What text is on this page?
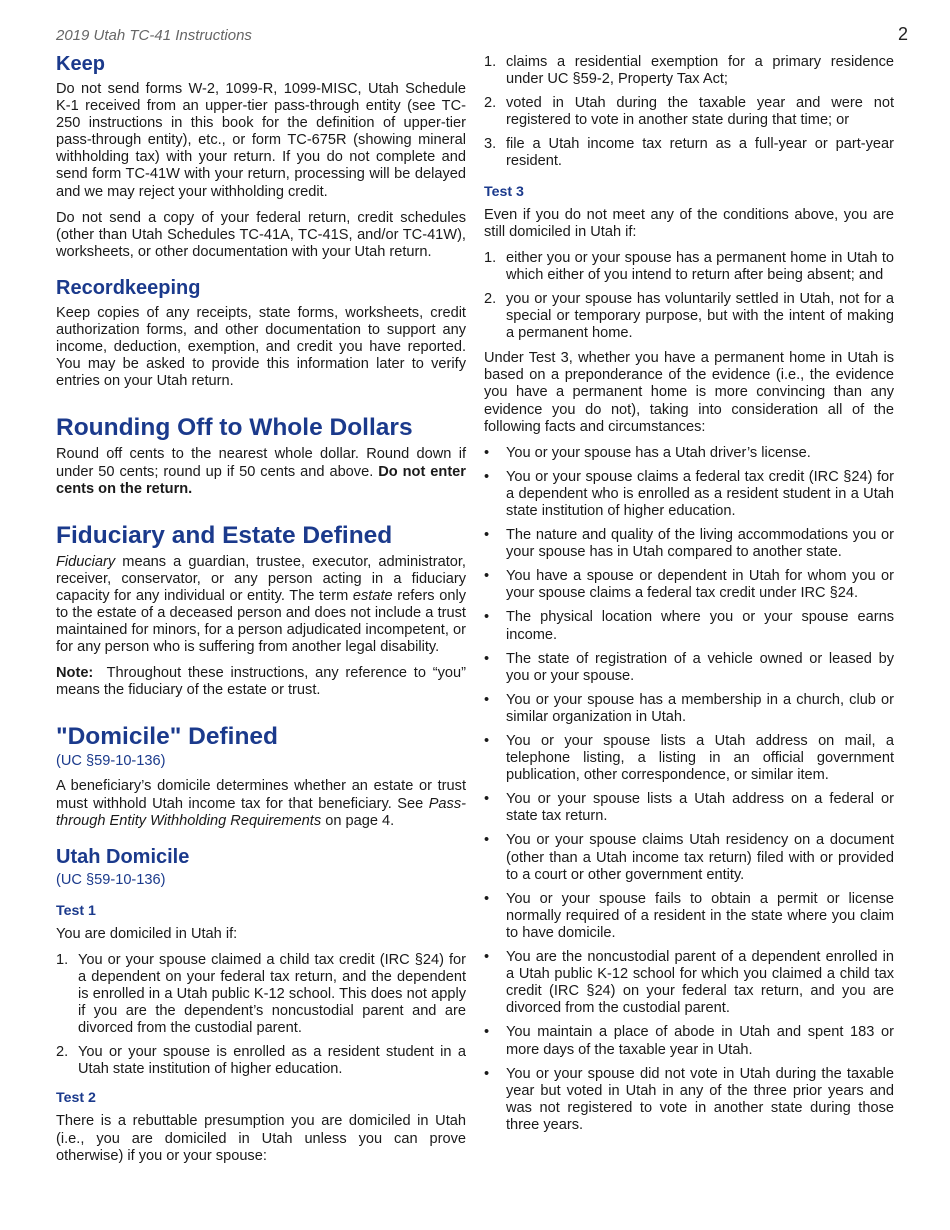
2019 Utah TC-41 Instructions	2
Keep

Do not send forms W-2, 1099-R, 1099-MISC, Utah Schedule K-1 received from an upper-tier pass-through entity (see TC-250 instructions in this book for the definition of upper-tier pass-through entity), etc., or form TC-675R (showing mineral withholding tax) with your return. If you do not complete and send form TC-41W with your return, processing will be delayed and we may reject your withholding credit.

Do not send a copy of your federal return, credit schedules (other than Utah Schedules TC-41A, TC-41S, and/or TC-41W), worksheets, or other documentation with your Utah return.

Recordkeeping

Keep copies of any receipts, state forms, worksheets, credit authorization forms, and other documentation to support any income, deduction, exemption, and credit you have reported. You may be asked to provide this information later to verify entries on your Utah return.

Rounding Off to Whole Dollars

Round off cents to the nearest whole dollar. Round down if under 50 cents; round up if 50 cents and above. Do not enter cents on the return.

Fiduciary and Estate Defined

Fiduciary means a guardian, trustee, executor, administrator, receiver, conservator, or any person acting in a fiduciary capacity for any individual or entity. The term estate refers only to the estate of a deceased person and does not include a trust maintained for minors, for a person adjudicated incompetent, or for any person who is suffering from another legal disability.

Note: Throughout these instructions, any reference to “you” means the fiduciary of the estate or trust.

"Domicile" Defined
(UC §59-10-136)

A beneficiary’s domicile determines whether an estate or trust must withhold Utah income tax for that beneficiary. See Pass-through Entity Withholding Requirements on page 4.

Utah Domicile
(UC §59-10-136)
Test 1

You are domiciled in Utah if:

1. You or your spouse claimed a child tax credit (IRC §24) for a dependent on your federal tax return, and the dependent is enrolled in a Utah public K-12 school. This does not apply if you are the dependent’s noncustodial parent and are divorced from the custodial parent.
2. You or your spouse is enrolled as a resident student in a Utah state institution of higher education.
Test 2

There is a rebuttable presumption you are domiciled in Utah (i.e., you are domiciled in Utah unless you can prove otherwise) if you or your spouse:

1. claims a residential exemption for a primary residence under UC §59-2, Property Tax Act;
2. voted in Utah during the taxable year and were not registered to vote in another state during that time; or
3. file a Utah income tax return as a full-year or part-year resident.
Test 3

Even if you do not meet any of the conditions above, you are still domiciled in Utah if:

1. either you or your spouse has a permanent home in Utah to which either of you intend to return after being absent; and
2. you or your spouse has voluntarily settled in Utah, not for a special or temporary purpose, but with the intent of making a permanent home.

Under Test 3, whether you have a permanent home in Utah is based on a preponderance of the evidence (i.e., the evidence you have a permanent home is more convincing than any evidence you do not), taking into consideration all of the following facts and circumstances:

• You or your spouse has a Utah driver’s license.
• You or your spouse claims a federal tax credit (IRC §24) for a dependent who is enrolled as a resident student in a Utah state institution of higher education.
• The nature and quality of the living accommodations you or your spouse has in Utah compared to another state.
• You have a spouse or dependent in Utah for whom you or your spouse claims a federal tax credit under IRC §24.
• The physical location where you or your spouse earns income.
• The state of registration of a vehicle owned or leased by you or your spouse.
• You or your spouse has a membership in a church, club or similar organization in Utah.
• You or your spouse lists a Utah address on mail, a telephone listing, a listing in an official government publication, other correspondence, or similar item.
• You or your spouse lists a Utah address on a federal or state tax return.
• You or your spouse claims Utah residency on a document (other than a Utah income tax return) filed with or provided to a court or other government entity.
• You or your spouse fails to obtain a permit or license normally required of a resident in the state where you claim to have domicile.
• You are the noncustodial parent of a dependent enrolled in a Utah public K-12 school for which you claimed a child tax credit (IRC §24) on your federal tax return, and you are divorced from the custodial parent.
• You maintain a place of abode in Utah and spent 183 or more days of the taxable year in Utah.
• You or your spouse did not vote in Utah during the taxable year but voted in Utah in any of the three prior years and was not registered to vote in another state during those three years.
